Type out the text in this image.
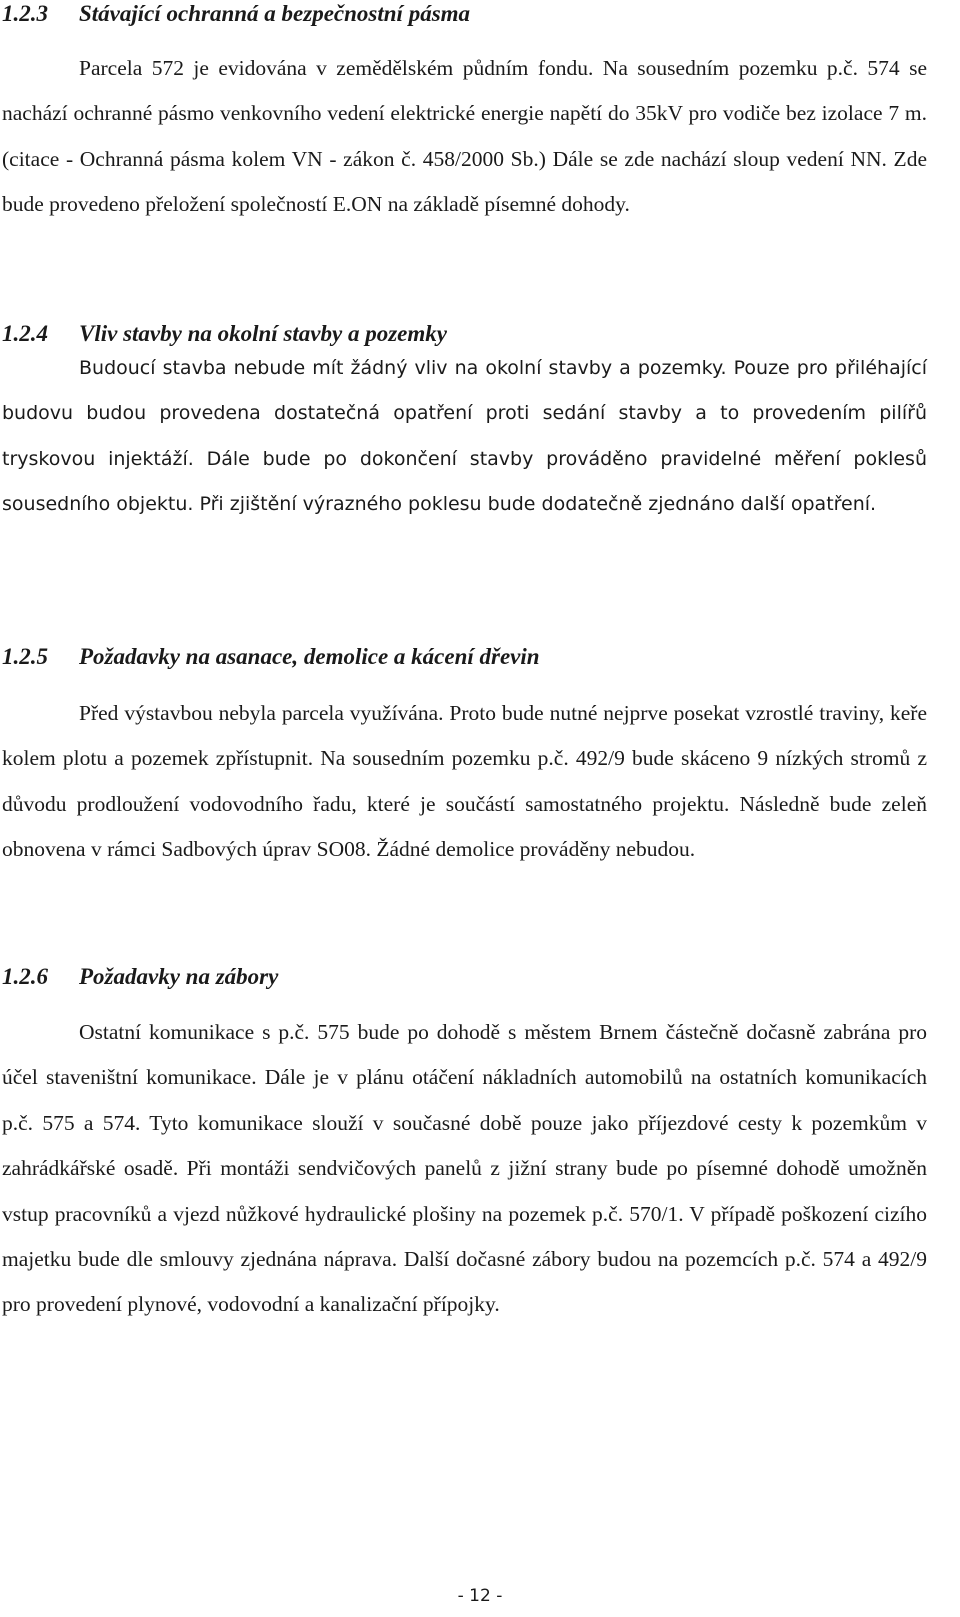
1.2.3 Stávající ochranná a bezpečnostní pásma

Parcela 572 je evidována v zemědělském půdním fondu. Na sousedním pozemku p.č. 574 se nachází ochranné pásmo venkovního vedení elektrické energie napětí do 35kV pro vodiče bez izolace 7 m. (citace - Ochranná pásma kolem VN - zákon č. 458/2000 Sb.) Dále se zde nachází sloup vedení NN. Zde bude provedeno přeložení společností E.ON na základě písemné dohody.

1.2.4 Vliv stavby na okolní stavby a pozemky

Budoucí stavba nebude mít žádný vliv na okolní stavby a pozemky. Pouze pro přiléhající budovu budou provedena dostatečná opatření proti sedání stavby a to provedením pilířů tryskovou injektáží. Dále bude po dokončení stavby prováděno pravidelné měření poklesů sousedního objektu. Při zjištění výrazného poklesu bude dodatečně zjednáno další opatření.

1.2.5 Požadavky na asanace, demolice a kácení dřevin

Před výstavbou nebyla parcela využívána. Proto bude nutné nejprve posekat vzrostlé traviny, keře kolem plotu a pozemek zpřístupnit. Na sousedním pozemku p.č. 492/9 bude skáceno 9 nízkých stromů z důvodu prodloužení vodovodního řadu, které je součástí samostatného projektu. Následně bude zeleň obnovena v rámci Sadbových úprav SO08. Žádné demolice prováděny nebudou.

1.2.6 Požadavky na zábory

Ostatní komunikace s p.č. 575 bude po dohodě s městem Brnem částečně dočasně zabrána pro účel staveništní komunikace. Dále je v plánu otáčení nákladních automobilů na ostatních komunikacích p.č. 575 a 574. Tyto komunikace slouží v současné době pouze jako příjezdové cesty k pozemkům v zahrádkářské osadě. Při montáži sendvičových panelů z jižní strany bude po písemné dohodě umožněn vstup pracovníků a vjezd nůžkové hydraulické plošiny na pozemek p.č. 570/1. V případě poškození cizího majetku bude dle smlouvy zjednána náprava. Další dočasné zábory budou na pozemcích p.č. 574 a 492/9 pro provedení plynové, vodovodní a kanalizační přípojky.

- 12 -
